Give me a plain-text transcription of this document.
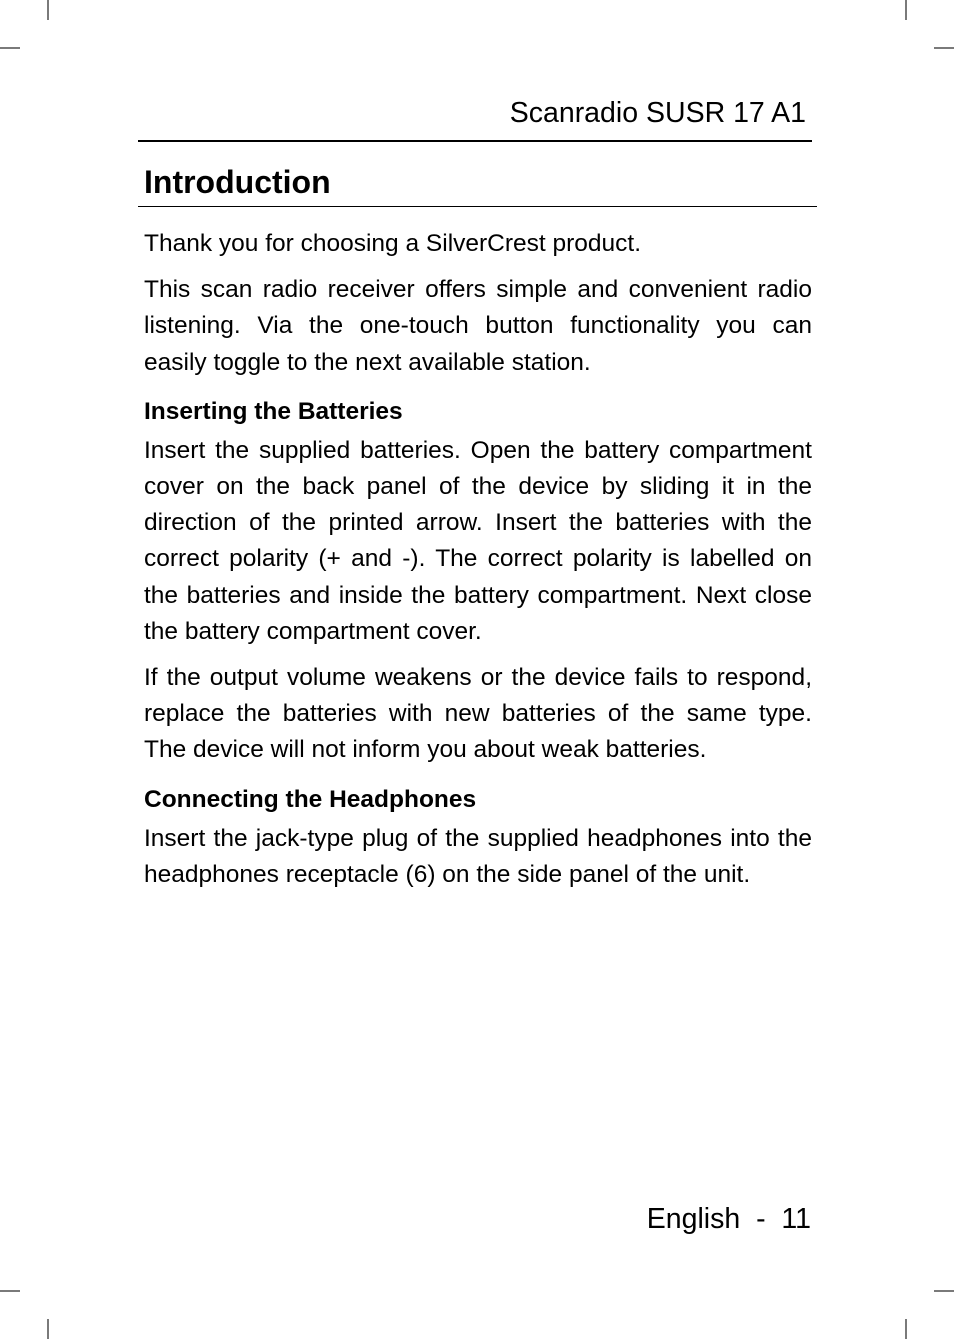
Scanradio SUSR 17 A1
Introduction

Thank you for choosing a SilverCrest product.

This scan radio receiver offers simple and convenient radio listening. Via the one-touch button functionality you can easily toggle to the next available station.

Inserting the Batteries

Insert the supplied batteries. Open the battery compartment cover on the back panel of the device by sliding it in the direction of the printed arrow. Insert the batteries with the correct polarity (+ and -). The correct polarity is labelled on the batteries and inside the battery compartment. Next close the battery compartment cover.

If the output volume weakens or the device fails to respond, replace the batteries with new batteries of the same type. The device will not inform you about weak batteries.

Connecting the Headphones

Insert the jack-type plug of the supplied headphones into the headphones receptacle (6) on the side panel of the unit.

English - 11
